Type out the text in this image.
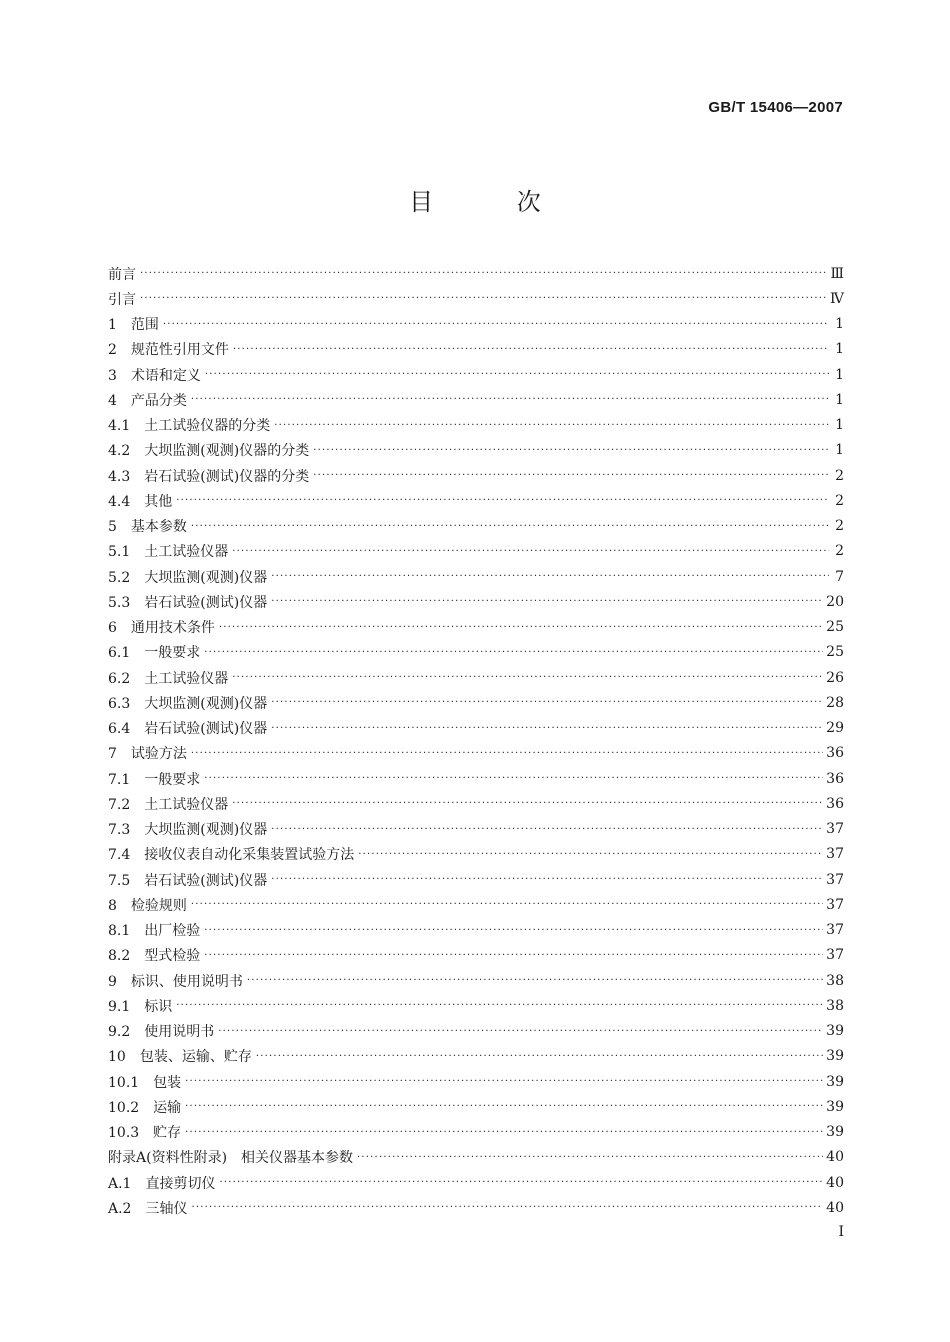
GB/T 15406—2007
目 次
前言 ·····	Ⅲ
引言 ·····	Ⅳ
1　范围 ·····	1
2　规范性引用文件 ·····	1
3　术语和定义 ·····	1
4　产品分类 ·····	1
4.1　土工试验仪器的分类 ·····	1
4.2　大坝监测(观测)仪器的分类 ·····	1
4.3　岩石试验(测试)仪器的分类 ·····	2
4.4　其他 ·····	2
5　基本参数 ·····	2
5.1　土工试验仪器 ·····	2
5.2　大坝监测(观测)仪器 ·····	7
5.3　岩石试验(测试)仪器 ·····	20
6　通用技术条件 ·····	25
6.1　一般要求 ·····	25
6.2　土工试验仪器 ·····	26
6.3　大坝监测(观测)仪器 ·····	28
6.4　岩石试验(测试)仪器 ·····	29
7　试验方法 ·····	36
7.1　一般要求 ·····	36
7.2　土工试验仪器 ·····	36
7.3　大坝监测(观测)仪器 ·····	37
7.4　接收仪表自动化采集装置试验方法 ·····	37
7.5　岩石试验(测试)仪器 ·····	37
8　检验规则 ·····	37
8.1　出厂检验 ·····	37
8.2　型式检验 ·····	37
9　标识、使用说明书 ·····	38
9.1　标识 ·····	38
9.2　使用说明书 ·····	39
10　包装、运输、贮存 ·····	39
10.1　包装 ·····	39
10.2　运输 ·····	39
10.3　贮存 ·····	39
附录A(资料性附录)　相关仪器基本参数 ·····	40
A.1　直接剪切仪 ·····	40
A.2　三轴仪 ·····	40
I
